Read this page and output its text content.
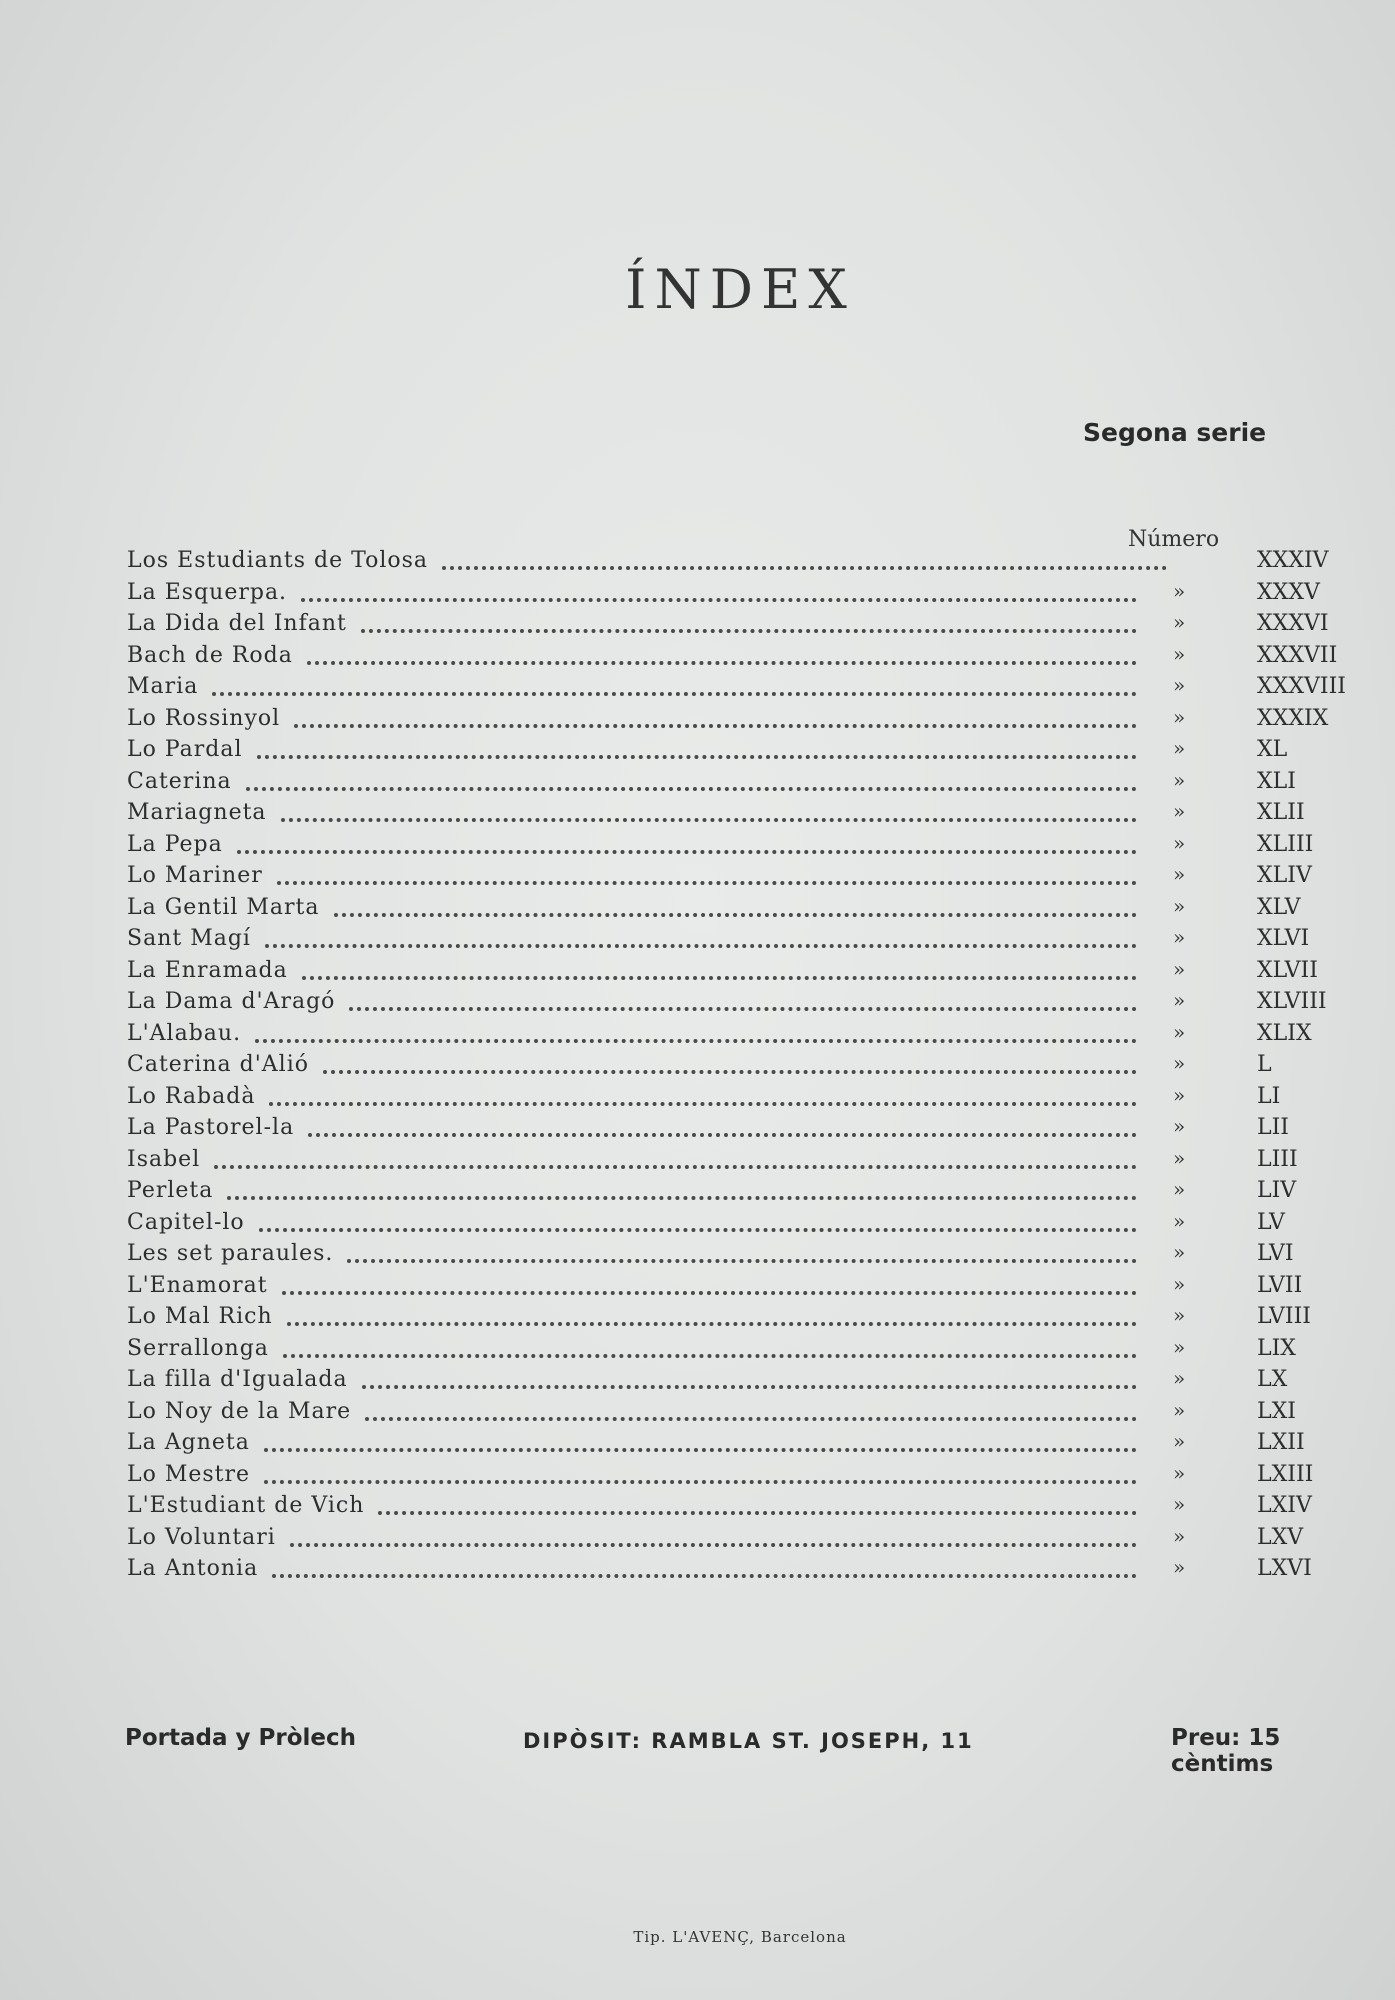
ÍNDEX
Segona serie
Número
Los Estudiants de Tolosa	XXXIV
La Esquerpa.	»	XXXV
La Dida del Infant	»	XXXVI
Bach de Roda	»	XXXVII
Maria	»	XXXVIII
Lo Rossinyol	»	XXXIX
Lo Pardal	»	XL
Caterina	»	XLI
Mariagneta	»	XLII
La Pepa	»	XLIII
Lo Mariner	»	XLIV
La Gentil Marta	»	XLV
Sant Magí	»	XLVI
La Enramada	»	XLVII
La Dama d'Aragó	»	XLVIII
L'Alabau.	»	XLIX
Caterina d'Alió	»	L
Lo Rabadà	»	LI
La Pastorel-la	»	LII
Isabel	»	LIII
Perleta	»	LIV
Capitel-lo	»	LV
Les set paraules.	»	LVI
L'Enamorat	»	LVII
Lo Mal Rich	»	LVIII
Serrallonga	»	LIX
La filla d'Igualada	»	LX
Lo Noy de la Mare	»	LXI
La Agneta	»	LXII
Lo Mestre	»	LXIII
L'Estudiant de Vich	»	LXIV
Lo Voluntari	»	LXV
La Antonia	»	LXVI
Portada y Pròlech	DIPÒSIT: RAMBLA ST. JOSEPH, 11	Preu: 15 cèntims
Tip. L'AVENÇ, Barcelona
